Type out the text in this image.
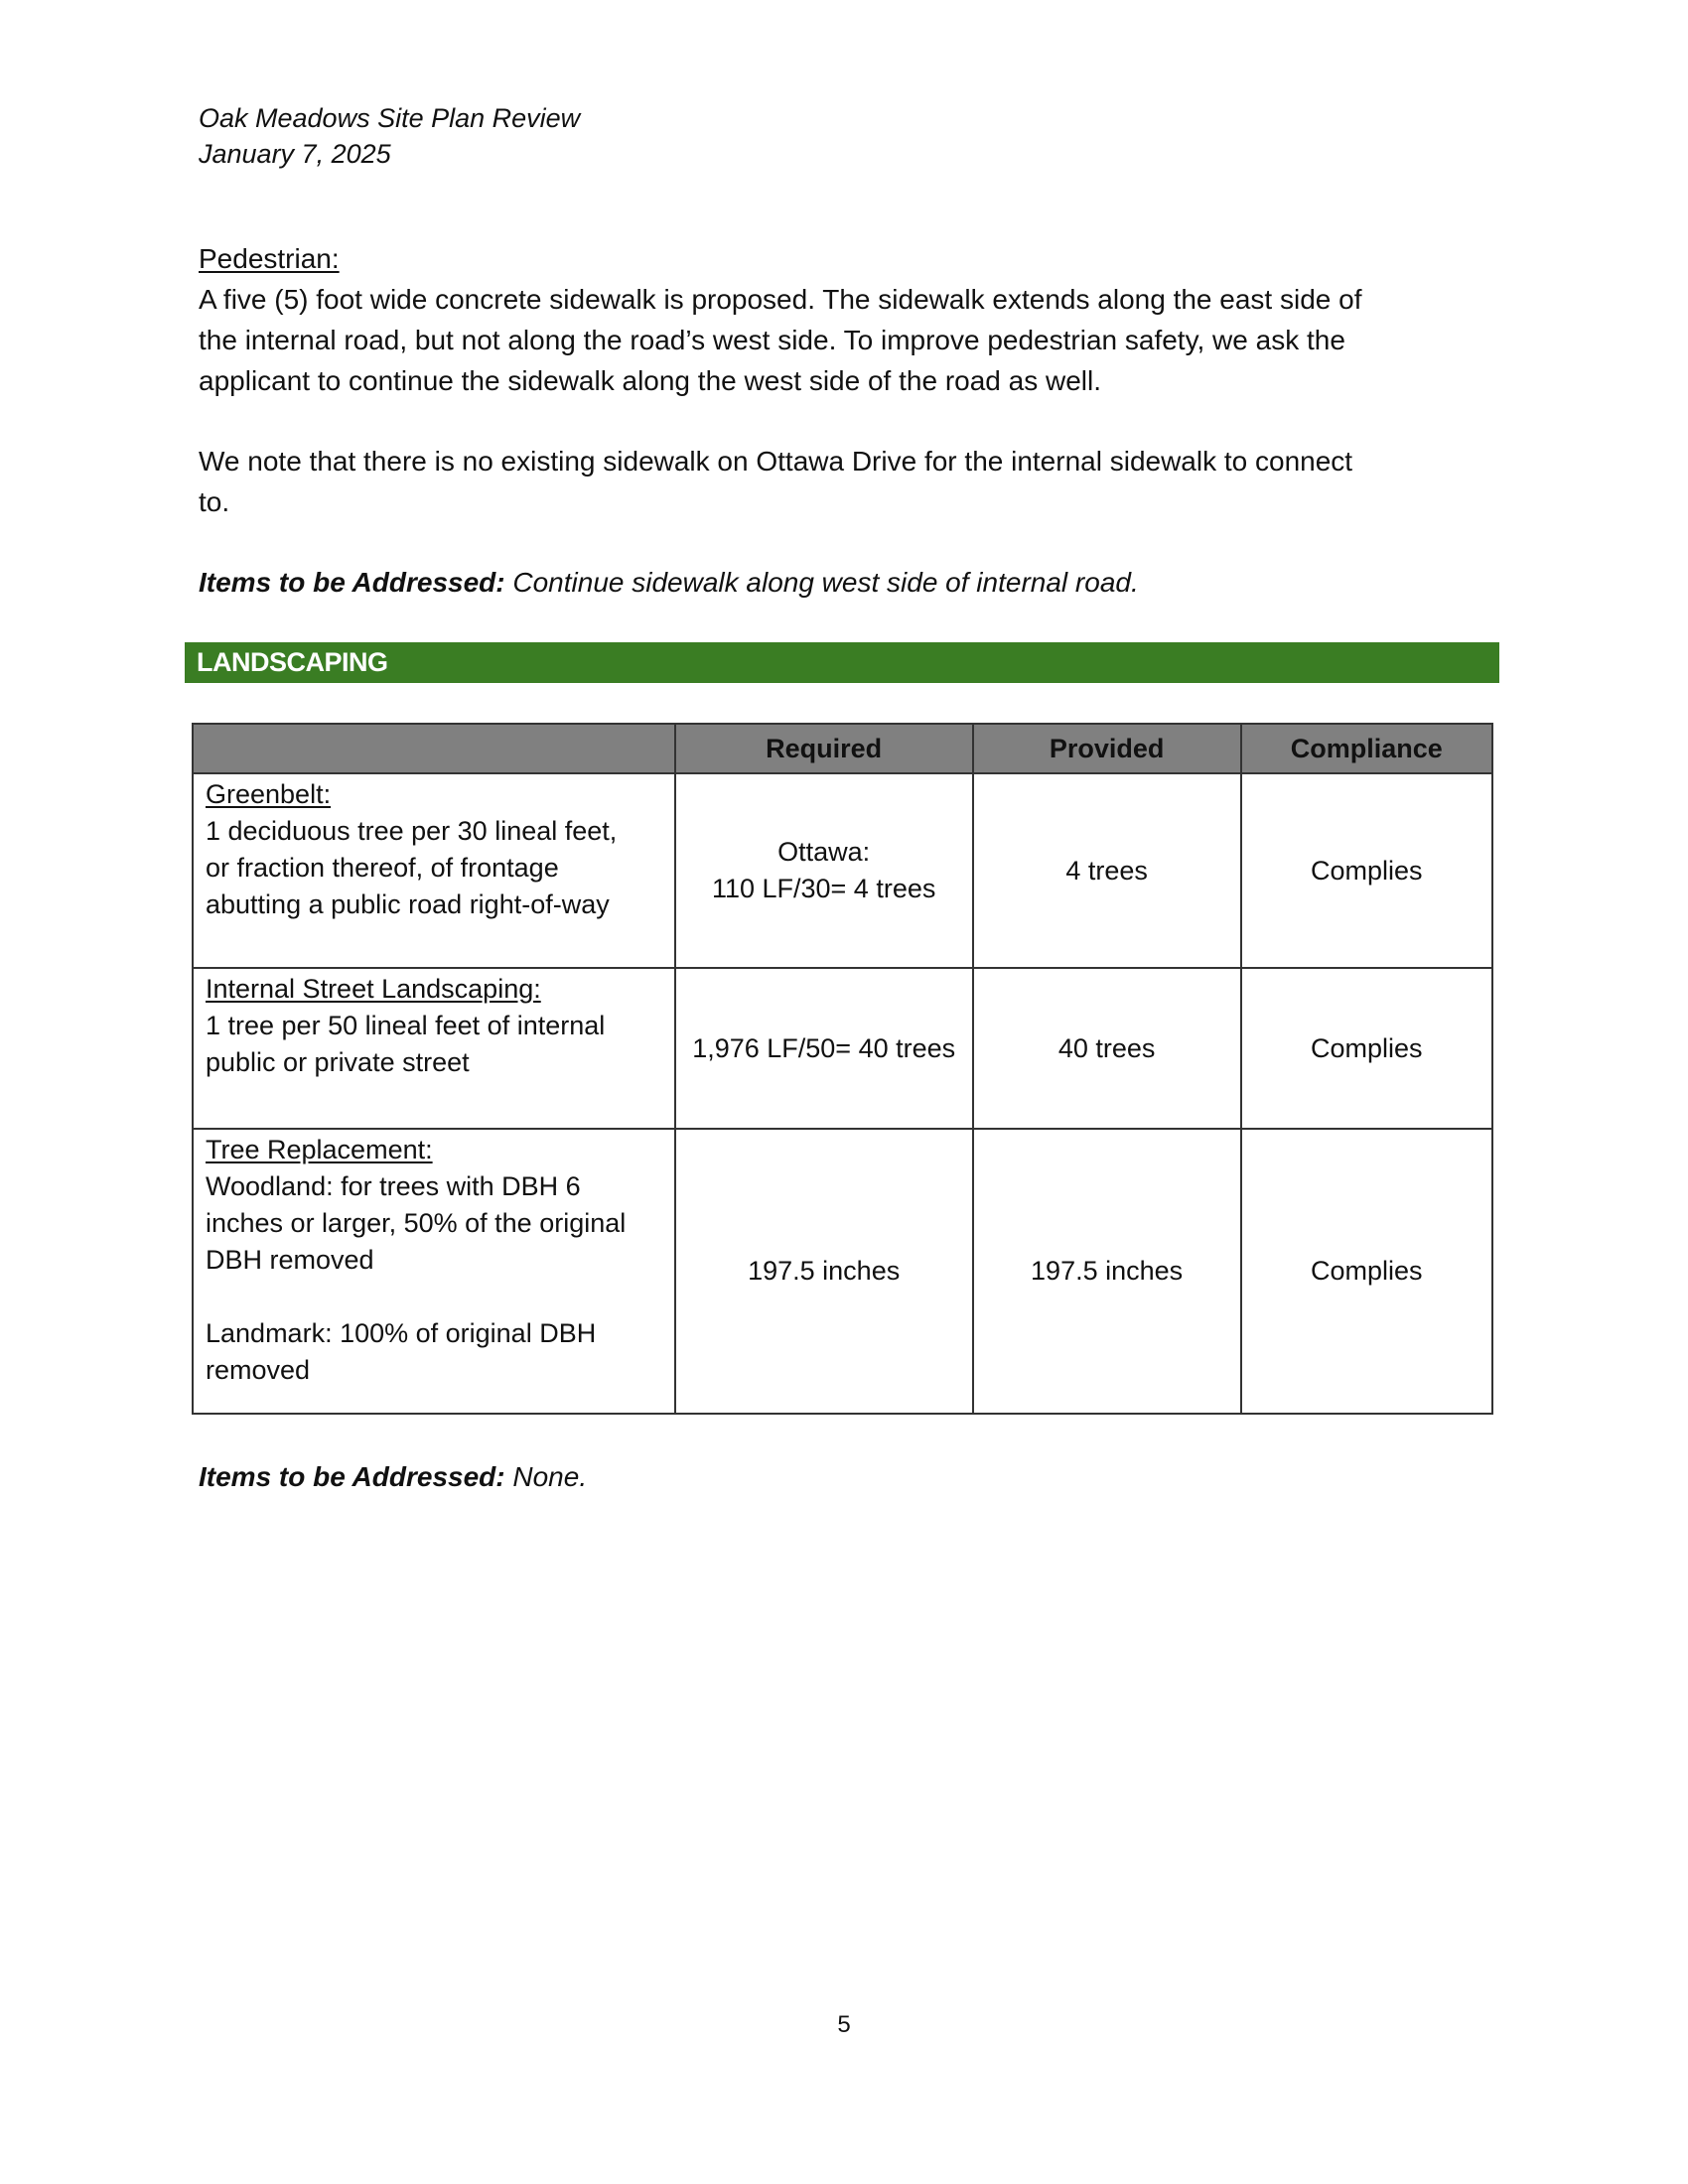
Oak Meadows Site Plan Review
January 7, 2025
Pedestrian:
A five (5) foot wide concrete sidewalk is proposed. The sidewalk extends along the east side of
the internal road, but not along the road’s west side. To improve pedestrian safety, we ask the
applicant to continue the sidewalk along the west side of the road as well.
We note that there is no existing sidewalk on Ottawa Drive for the internal sidewalk to connect
to.
Items to be Addressed: Continue sidewalk along west side of internal road.
LANDSCAPING
	Required	Provided	Compliance

Greenbelt:
1 deciduous tree per 30 lineal feet,
or fraction thereof, of frontage
abutting a public road right-of-way	Ottawa:
110 LF/30= 4 trees	4 trees	Complies

Internal Street Landscaping:
1 tree per 50 lineal feet of internal
public or private street	1,976 LF/50= 40 trees	40 trees	Complies

Tree Replacement:
Woodland: for trees with DBH 6
inches or larger, 50% of the original
DBH removed
Landmark: 100% of original DBH
removed

197.5 inches	197.5 inches	Complies
Items to be Addressed: None.
5
